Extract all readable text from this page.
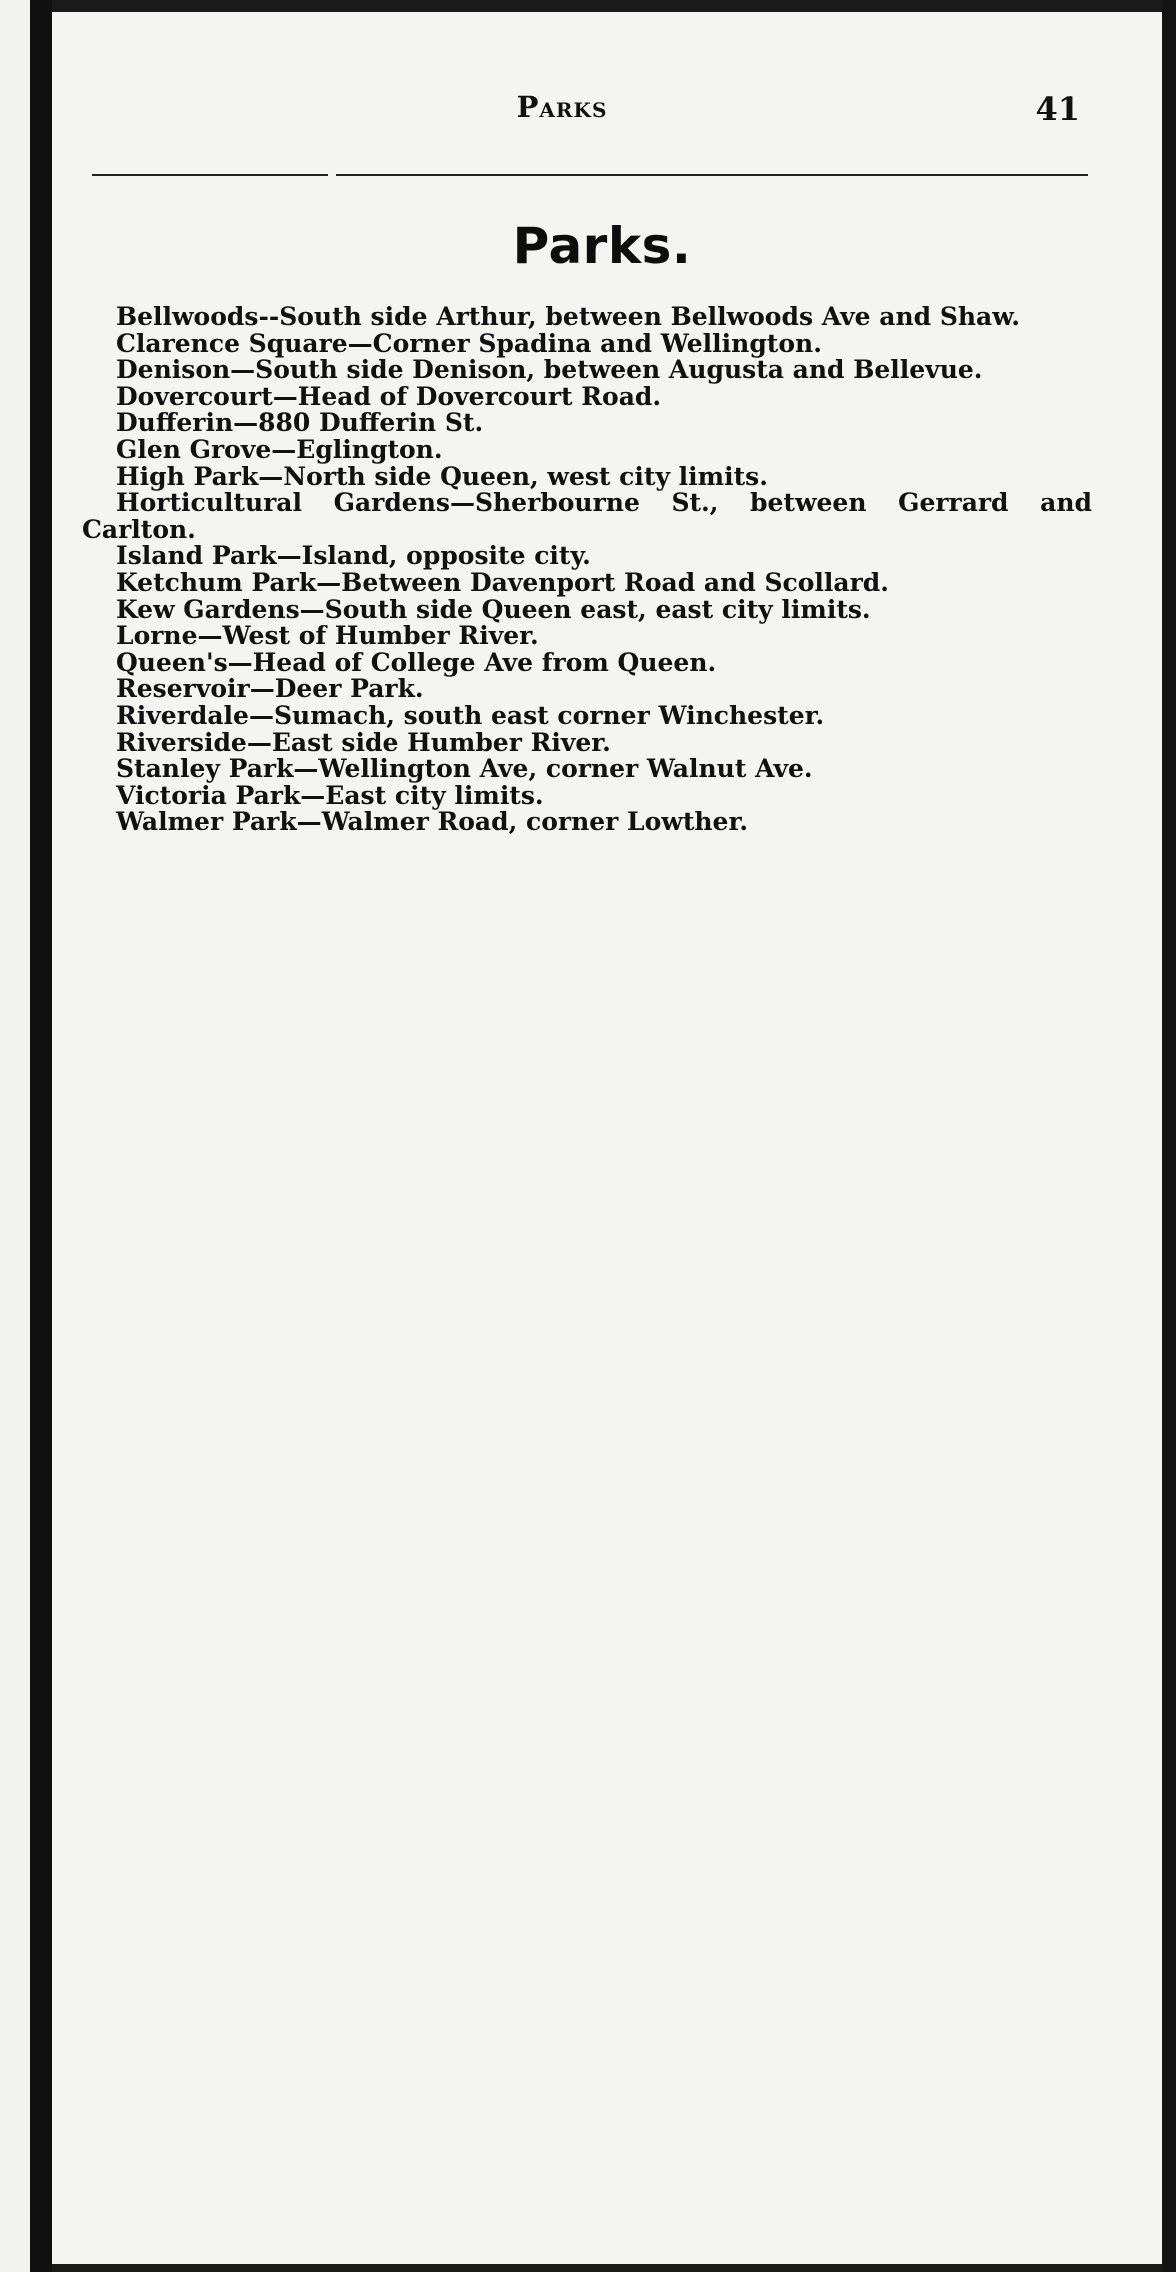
Parks	41
Parks.
Bellwoods--South side Arthur, between Bellwoods Ave and Shaw.
Clarence Square—Corner Spadina and Wellington.
Denison—South side Denison, between Augusta and Bellevue.
Dovercourt—Head of Dovercourt Road.
Dufferin—880 Dufferin St.
Glen Grove—Eglington.
High Park—North side Queen, west city limits.
Horticultural Gardens—Sherbourne St., between Gerrard and Carlton.
Island Park—Island, opposite city.
Ketchum Park—Between Davenport Road and Scollard.
Kew Gardens—South side Queen east, east city limits.
Lorne—West of Humber River.
Queen's—Head of College Ave from Queen.
Reservoir—Deer Park.
Riverdale—Sumach, south east corner Winchester.
Riverside—East side Humber River.
Stanley Park—Wellington Ave, corner Walnut Ave.
Victoria Park—East city limits.
Walmer Park—Walmer Road, corner Lowther.
